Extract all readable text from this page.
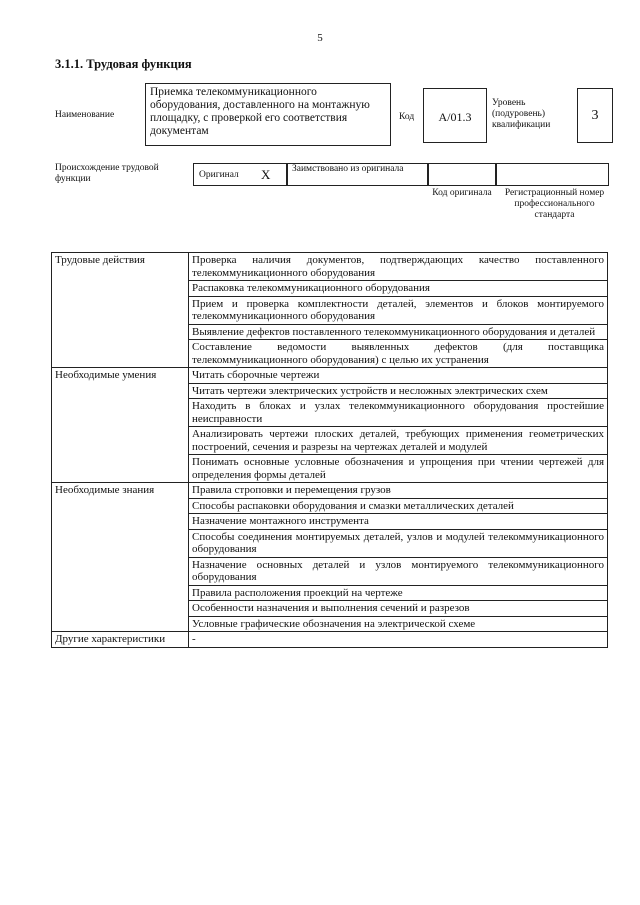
5
3.1.1. Трудовая функция
Наименование
Приемка телекоммуникационного оборудования, доставленного на монтажную площадку, с проверкой его соответствия документам
Код	A/01.3
Уровень (подуровень) квалификации
3
Происхождение трудовой функции	Оригинал X Заимствовано из оригинала
Код оригинала	Регистрационный номер профессионального стандарта
Трудовые действия	Проверка наличия документов, подтверждающих качество поставленного телекоммуникационного оборудования
	Распаковка телекоммуникационного оборудования
	Прием и проверка комплектности деталей, элементов и блоков монтируемого телекоммуникационного оборудования
	Выявление дефектов поставленного телекоммуникационного оборудования и деталей
	Составление ведомости выявленных дефектов (для поставщика телекоммуникационного оборудования) с целью их устранения
Необходимые умения	Читать сборочные чертежи
	Читать чертежи электрических устройств и несложных электрических схем
	Находить в блоках и узлах телекоммуникационного оборудования простейшие неисправности
	Анализировать чертежи плоских деталей, требующих применения геометрических построений, сечения и разрезы на чертежах деталей и модулей
	Понимать основные условные обозначения и упрощения при чтении чертежей для определения формы деталей
Необходимые знания	Правила строповки и перемещения грузов
	Способы распаковки оборудования и смазки металлических деталей
	Назначение монтажного инструмента
	Способы соединения монтируемых деталей, узлов и модулей телекоммуникационного оборудования
	Назначение основных деталей и узлов монтируемого телекоммуникационного оборудования
	Правила расположения проекций на чертеже
	Особенности назначения и выполнения сечений и разрезов
	Условные графические обозначения на электрической схеме
Другие характеристики	-
